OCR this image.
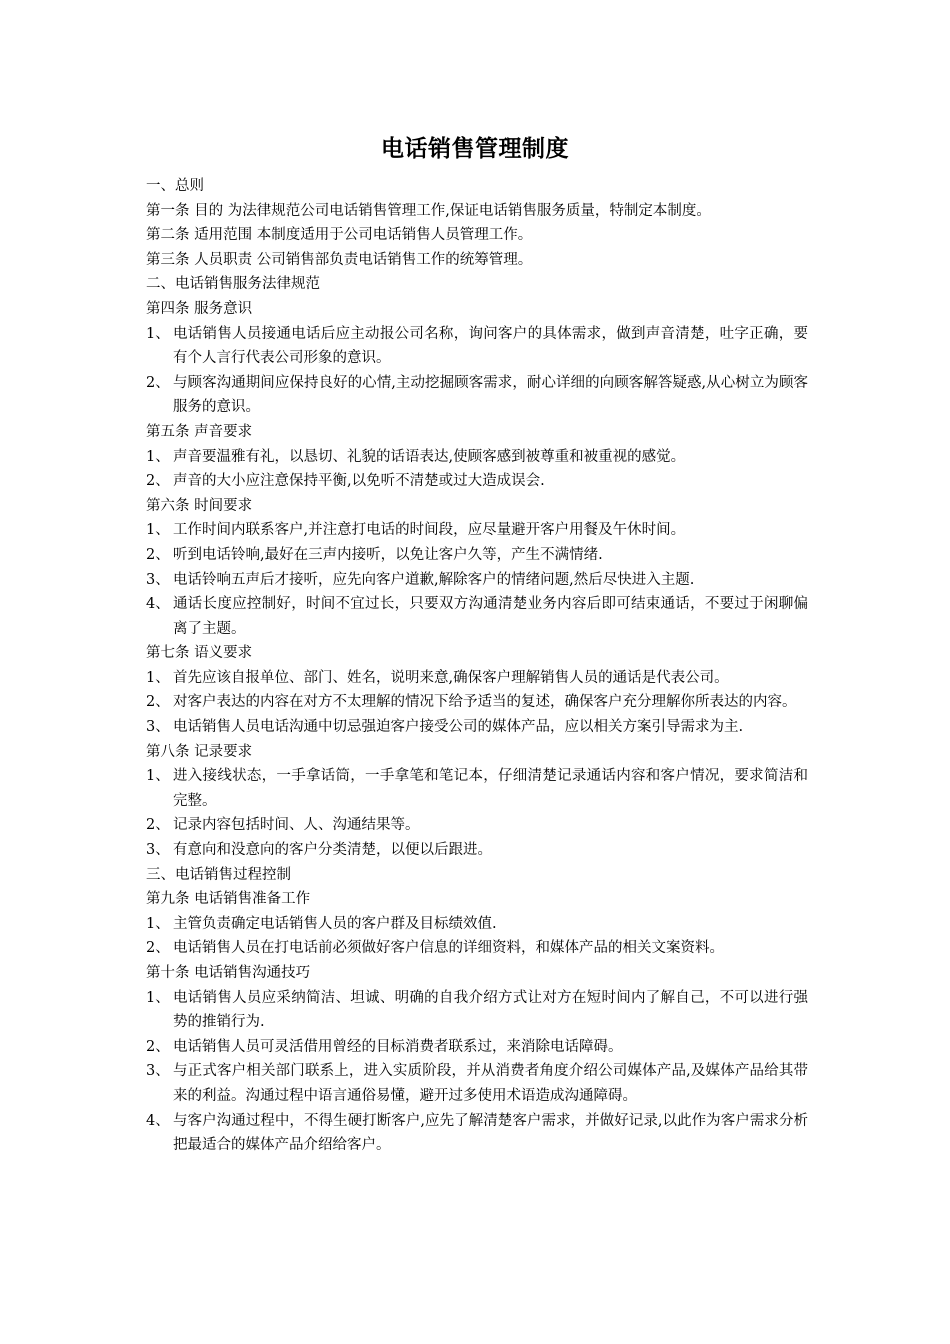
电话销售管理制度
一、总则
第一条 目的 为法律规范公司电话销售管理工作,保证电话销售服务质量，特制定本制度。
第二条 适用范围 本制度适用于公司电话销售人员管理工作。
第三条 人员职责 公司销售部负责电话销售工作的统筹管理。
二、电话销售服务法律规范
第四条 服务意识
1、 电话销售人员接通电话后应主动报公司名称，询问客户的具体需求，做到声音清楚，吐字正确，要有个人言行代表公司形象的意识。
2、 与顾客沟通期间应保持良好的心情,主动挖掘顾客需求，耐心详细的向顾客解答疑惑,从心树立为顾客服务的意识。
第五条 声音要求
1、 声音要温雅有礼，以恳切、礼貌的话语表达,使顾客感到被尊重和被重视的感觉。
2、 声音的大小应注意保持平衡,以免听不清楚或过大造成误会.
第六条 时间要求
1、 工作时间内联系客户,并注意打电话的时间段，应尽量避开客户用餐及午休时间。
2、 听到电话铃响,最好在三声内接听，以免让客户久等，产生不满情绪.
3、 电话铃响五声后才接听，应先向客户道歉,解除客户的情绪问题,然后尽快进入主题.
4、 通话长度应控制好，时间不宜过长，只要双方沟通清楚业务内容后即可结束通话，不要过于闲聊偏离了主题。
第七条 语义要求
1、 首先应该自报单位、部门、姓名，说明来意,确保客户理解销售人员的通话是代表公司。
2、 对客户表达的内容在对方不太理解的情况下给予适当的复述，确保客户充分理解你所表达的内容。
3、 电话销售人员电话沟通中切忌强迫客户接受公司的媒体产品，应以相关方案引导需求为主.
第八条 记录要求
1、 进入接线状态，一手拿话筒，一手拿笔和笔记本，仔细清楚记录通话内容和客户情况，要求简洁和完整。
2、 记录内容包括时间、人、沟通结果等。
3、 有意向和没意向的客户分类清楚，以便以后跟进。
三、电话销售过程控制
第九条 电话销售准备工作
1、 主管负责确定电话销售人员的客户群及目标绩效值.
2、 电话销售人员在打电话前必须做好客户信息的详细资料，和媒体产品的相关文案资料。
第十条 电话销售沟通技巧
1、 电话销售人员应采纳简洁、坦诚、明确的自我介绍方式让对方在短时间内了解自己，不可以进行强势的推销行为.
2、 电话销售人员可灵活借用曾经的目标消费者联系过，来消除电话障碍。
3、 与正式客户相关部门联系上，进入实质阶段，并从消费者角度介绍公司媒体产品,及媒体产品给其带来的利益。沟通过程中语言通俗易懂，避开过多使用术语造成沟通障碍。
4、 与客户沟通过程中，不得生硬打断客户,应先了解清楚客户需求，并做好记录,以此作为客户需求分析把最适合的媒体产品介绍给客户。
